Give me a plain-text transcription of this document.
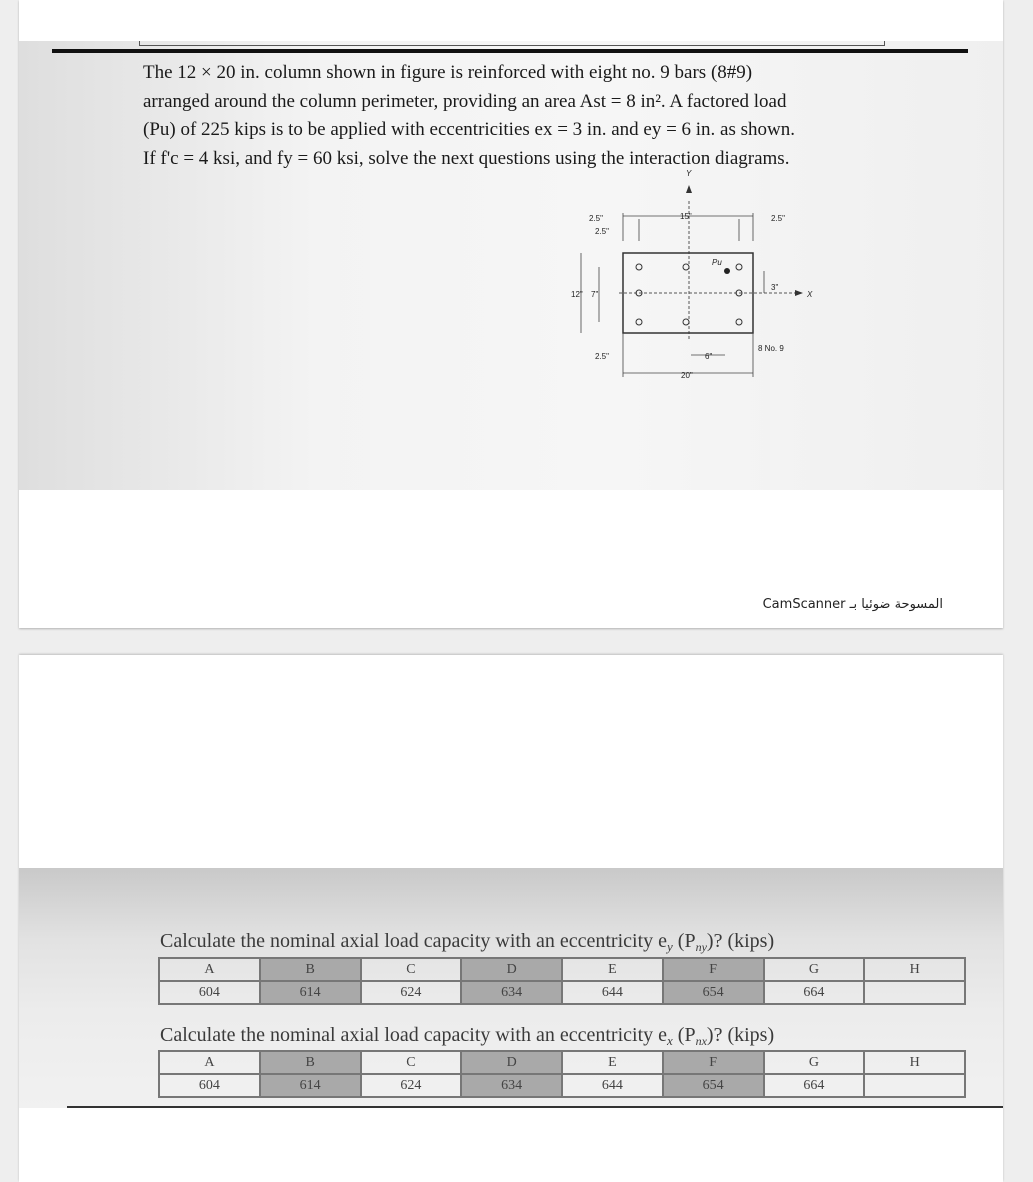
The 12 × 20 in. column shown in figure is reinforced with eight no. 9 bars (8#9)

arranged around the column perimeter, providing an area Ast = 8 in². A factored load

(Pu) of 225 kips is to be applied with eccentricities ex = 3 in. and ey = 6 in. as shown.

If f'c = 4 ksi, and fy = 60 ksi, solve the next questions using the interaction diagrams.

Y
X
Pu
2.5"
2.5"
15"	2.5"
12" 7"
2.5"	6"
20"
3"
8 No. 9
CamScanner المسوحة ضوئيا بـ
Calculate the nominal axial load capacity with an eccentricity $e_y$ $(P_{ny})$? (kips)
A	B	C	D	E	F	G	H
604	614	624	634	644	654	664	
Calculate the nominal axial load capacity with an eccentricity $e_x$ $(P_{nx})$? (kips)
A	B	C	D	E	F	G	H
604	614	624	634	644	654	664	
